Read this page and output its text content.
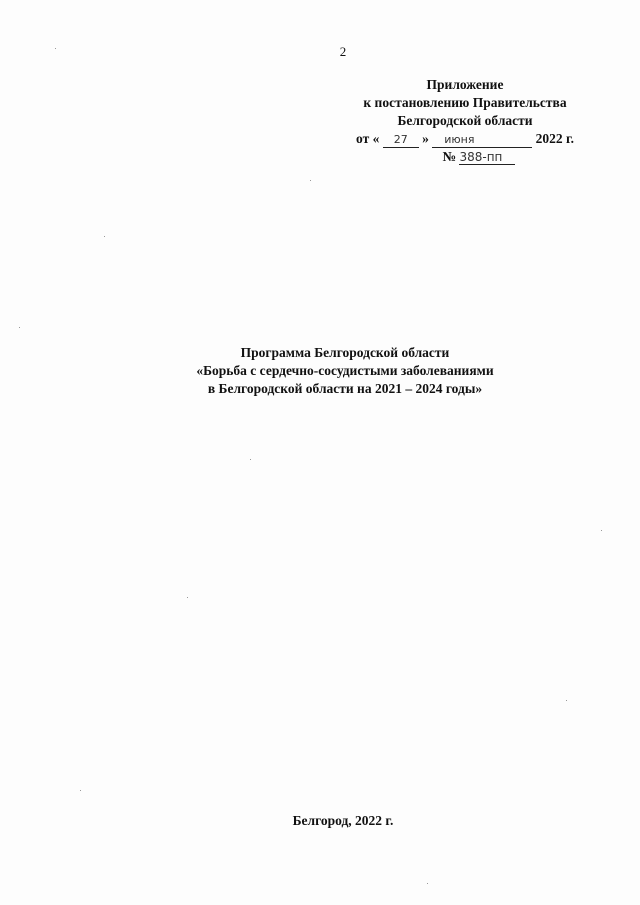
2
Приложение
к постановлению Правительства
Белгородской области
от « 27 » июня	2022 г.
№ 388-пп
Программа Белгородской области
«Борьба с сердечно-сосудистыми заболеваниями
в Белгородской области на 2021 – 2024 годы»
Белгород, 2022 г.
